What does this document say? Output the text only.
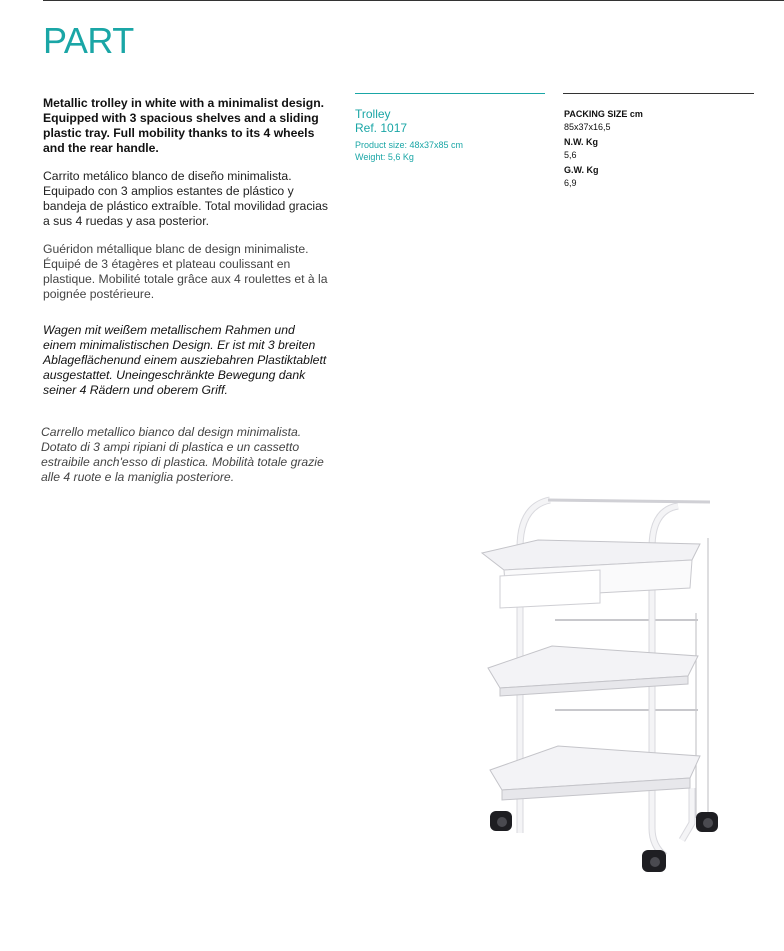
PART

Metallic trolley in white with a minimalist design. Equipped with 3 spacious shelves and a sliding plastic tray. Full mobility thanks to its 4 wheels and the rear handle.

Carrito metálico blanco de diseño minimalista. Equipado con 3 amplios estantes de plástico y bandeja de plástico extraíble. Total movilidad gracias a sus 4 ruedas y asa posterior.

Guéridon métallique blanc de design minimaliste. Équipé de 3 étagères et plateau coulissant en plastique. Mobilité totale grâce aux 4 roulettes et à la poignée postérieure.

Wagen mit weißem metallischem Rahmen und einem minimalistischen Design. Er ist mit 3 breiten Ablageflächenund einem ausziebahren Plastiktablett ausgestattet. Uneingeschränkte Bewegung dank seiner 4 Rädern und oberem Griff.

Carrello metallico bianco dal design minimalista. Dotato di 3 ampi ripiani di plastica e un cassetto estraibile anch'esso di plastica. Mobilità totale grazie alle 4 ruote e la maniglia posteriore.

Trolley
Ref. 1017
Product size: 48x37x85 cm
Weight: 5,6 Kg
PACKING SIZE cm
85x37x16,5
N.W. Kg
5,6
G.W. Kg
6,9
